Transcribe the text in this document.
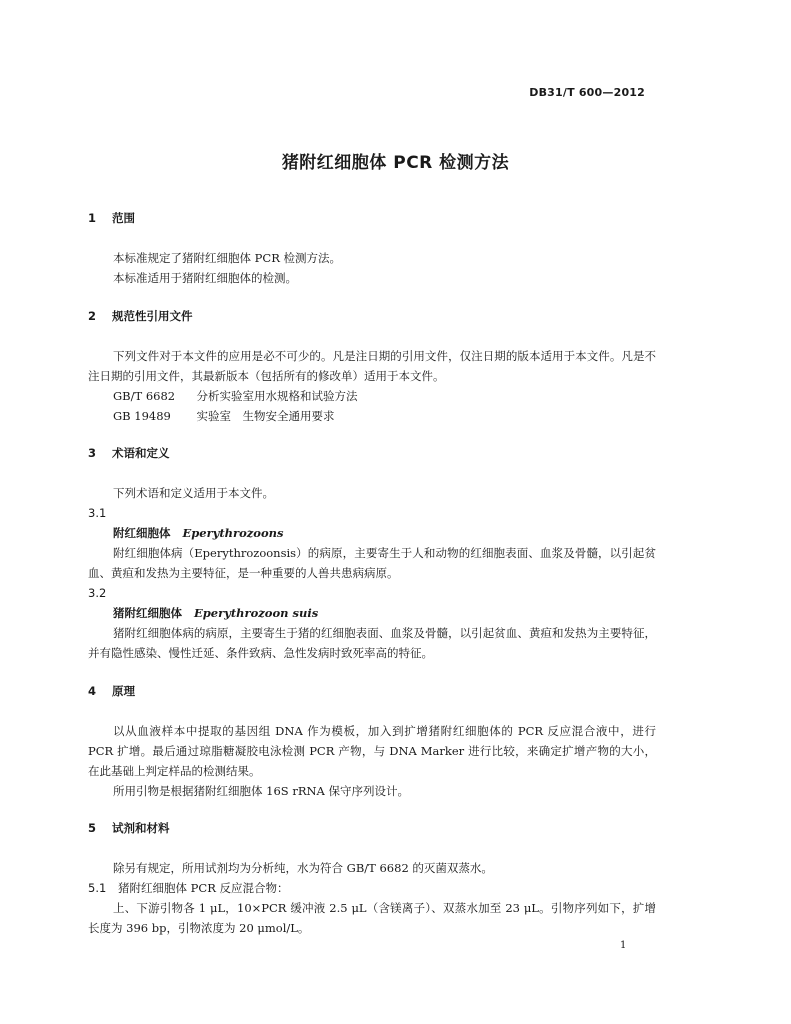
DB31/T 600—2012
猪附红细胞体 PCR 检测方法
1 范围
本标准规定了猪附红细胞体 PCR 检测方法。
本标准适用于猪附红细胞体的检测。
2 规范性引用文件
下列文件对于本文件的应用是必不可少的。凡是注日期的引用文件，仅注日期的版本适用于本文件。凡是不注日期的引用文件，其最新版本（包括所有的修改单）适用于本文件。
GB/T 6682　 分析实验室用水规格和试验方法
GB 19489　 实验室　生物安全通用要求
3 术语和定义
下列术语和定义适用于本文件。
3.1
附红细胞体 Eperythrozoons
附红细胞体病（Eperythrozoonsis）的病原，主要寄生于人和动物的红细胞表面、血浆及骨髓，以引起贫血、黄疸和发热为主要特征，是一种重要的人兽共患病病原。
3.2
猪附红细胞体 Eperythrozoon suis
猪附红细胞体病的病原，主要寄生于猪的红细胞表面、血浆及骨髓，以引起贫血、黄疸和发热为主要特征，并有隐性感染、慢性迁延、条件致病、急性发病时致死率高的特征。
4 原理
以从血液样本中提取的基因组 DNA 作为模板，加入到扩增猪附红细胞体的 PCR 反应混合液中，进行 PCR 扩增。最后通过琼脂糖凝胶电泳检测 PCR 产物，与 DNA Marker 进行比较，来确定扩增产物的大小，在此基础上判定样品的检测结果。
所用引物是根据猪附红细胞体 16S rRNA 保守序列设计。
5 试剂和材料
除另有规定，所用试剂均为分析纯，水为符合 GB/T 6682 的灭菌双蒸水。
5.1 猪附红细胞体 PCR 反应混合物：
上、下游引物各 1 μL，10×PCR 缓冲液 2.5 μL（含镁离子）、双蒸水加至 23 μL。引物序列如下，扩增长度为 396 bp，引物浓度为 20 μmol/L。
1
